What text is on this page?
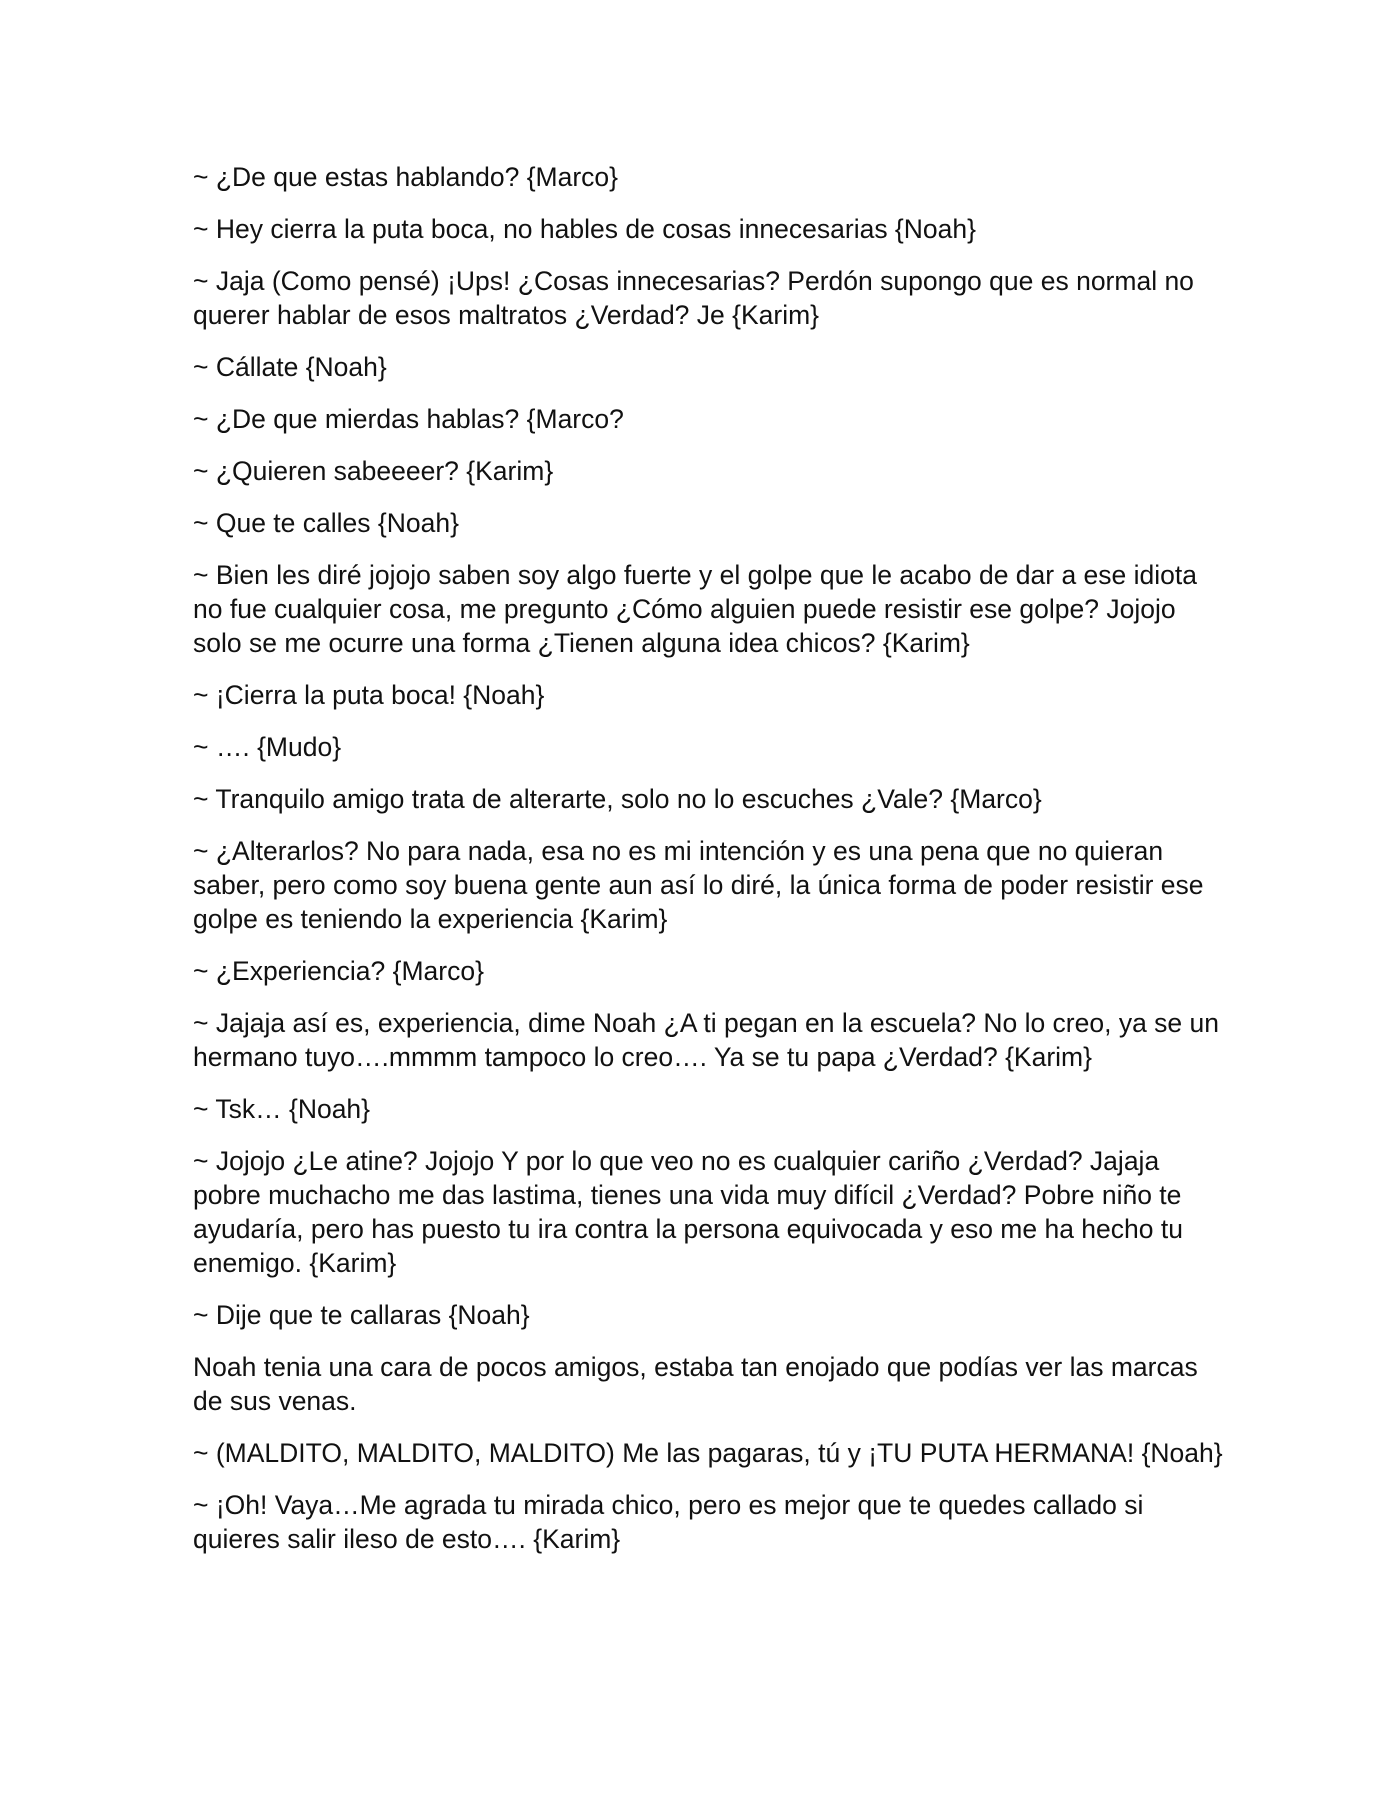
~ ¿De que estas hablando? {Marco}

~ Hey cierra la puta boca, no hables de cosas innecesarias {Noah}

~ Jaja (Como pensé) ¡Ups! ¿Cosas innecesarias? Perdón supongo que es normal no querer hablar de esos maltratos ¿Verdad? Je {Karim}

~ Cállate {Noah}

~ ¿De que mierdas hablas? {Marco?

~ ¿Quieren sabeeeer? {Karim}

~ Que te calles {Noah}

~ Bien les diré jojojo saben soy algo fuerte y el golpe que le acabo de dar a ese idiota no fue cualquier cosa, me pregunto ¿Cómo alguien puede resistir ese golpe? Jojojo solo se me ocurre una forma ¿Tienen alguna idea chicos? {Karim}

~ ¡Cierra la puta boca! {Noah}

~ …. {Mudo}

~ Tranquilo amigo trata de alterarte, solo no lo escuches ¿Vale? {Marco}

~ ¿Alterarlos? No para nada, esa no es mi intención y es una pena que no quieran saber, pero como soy buena gente aun así lo diré, la única forma de poder resistir ese golpe es teniendo la experiencia {Karim}

~ ¿Experiencia? {Marco}

~ Jajaja así es, experiencia, dime Noah ¿A ti pegan en la escuela? No lo creo, ya se un hermano tuyo….mmmm tampoco lo creo…. Ya se tu papa ¿Verdad? {Karim}

~ Tsk… {Noah}

~ Jojojo ¿Le atine? Jojojo Y por lo que veo no es cualquier cariño ¿Verdad? Jajaja pobre muchacho me das lastima, tienes una vida muy difícil ¿Verdad? Pobre niño te ayudaría, pero has puesto tu ira contra la persona equivocada y eso me ha hecho tu enemigo. {Karim}

~ Dije que te callaras {Noah}

Noah tenia una cara de pocos amigos, estaba tan enojado que podías ver las marcas de sus venas.

~ (MALDITO, MALDITO, MALDITO) Me las pagaras, tú y ¡TU PUTA HERMANA! {Noah}

~ ¡Oh! Vaya…Me agrada tu mirada chico, pero es mejor que te quedes callado si quieres salir ileso de esto…. {Karim}
